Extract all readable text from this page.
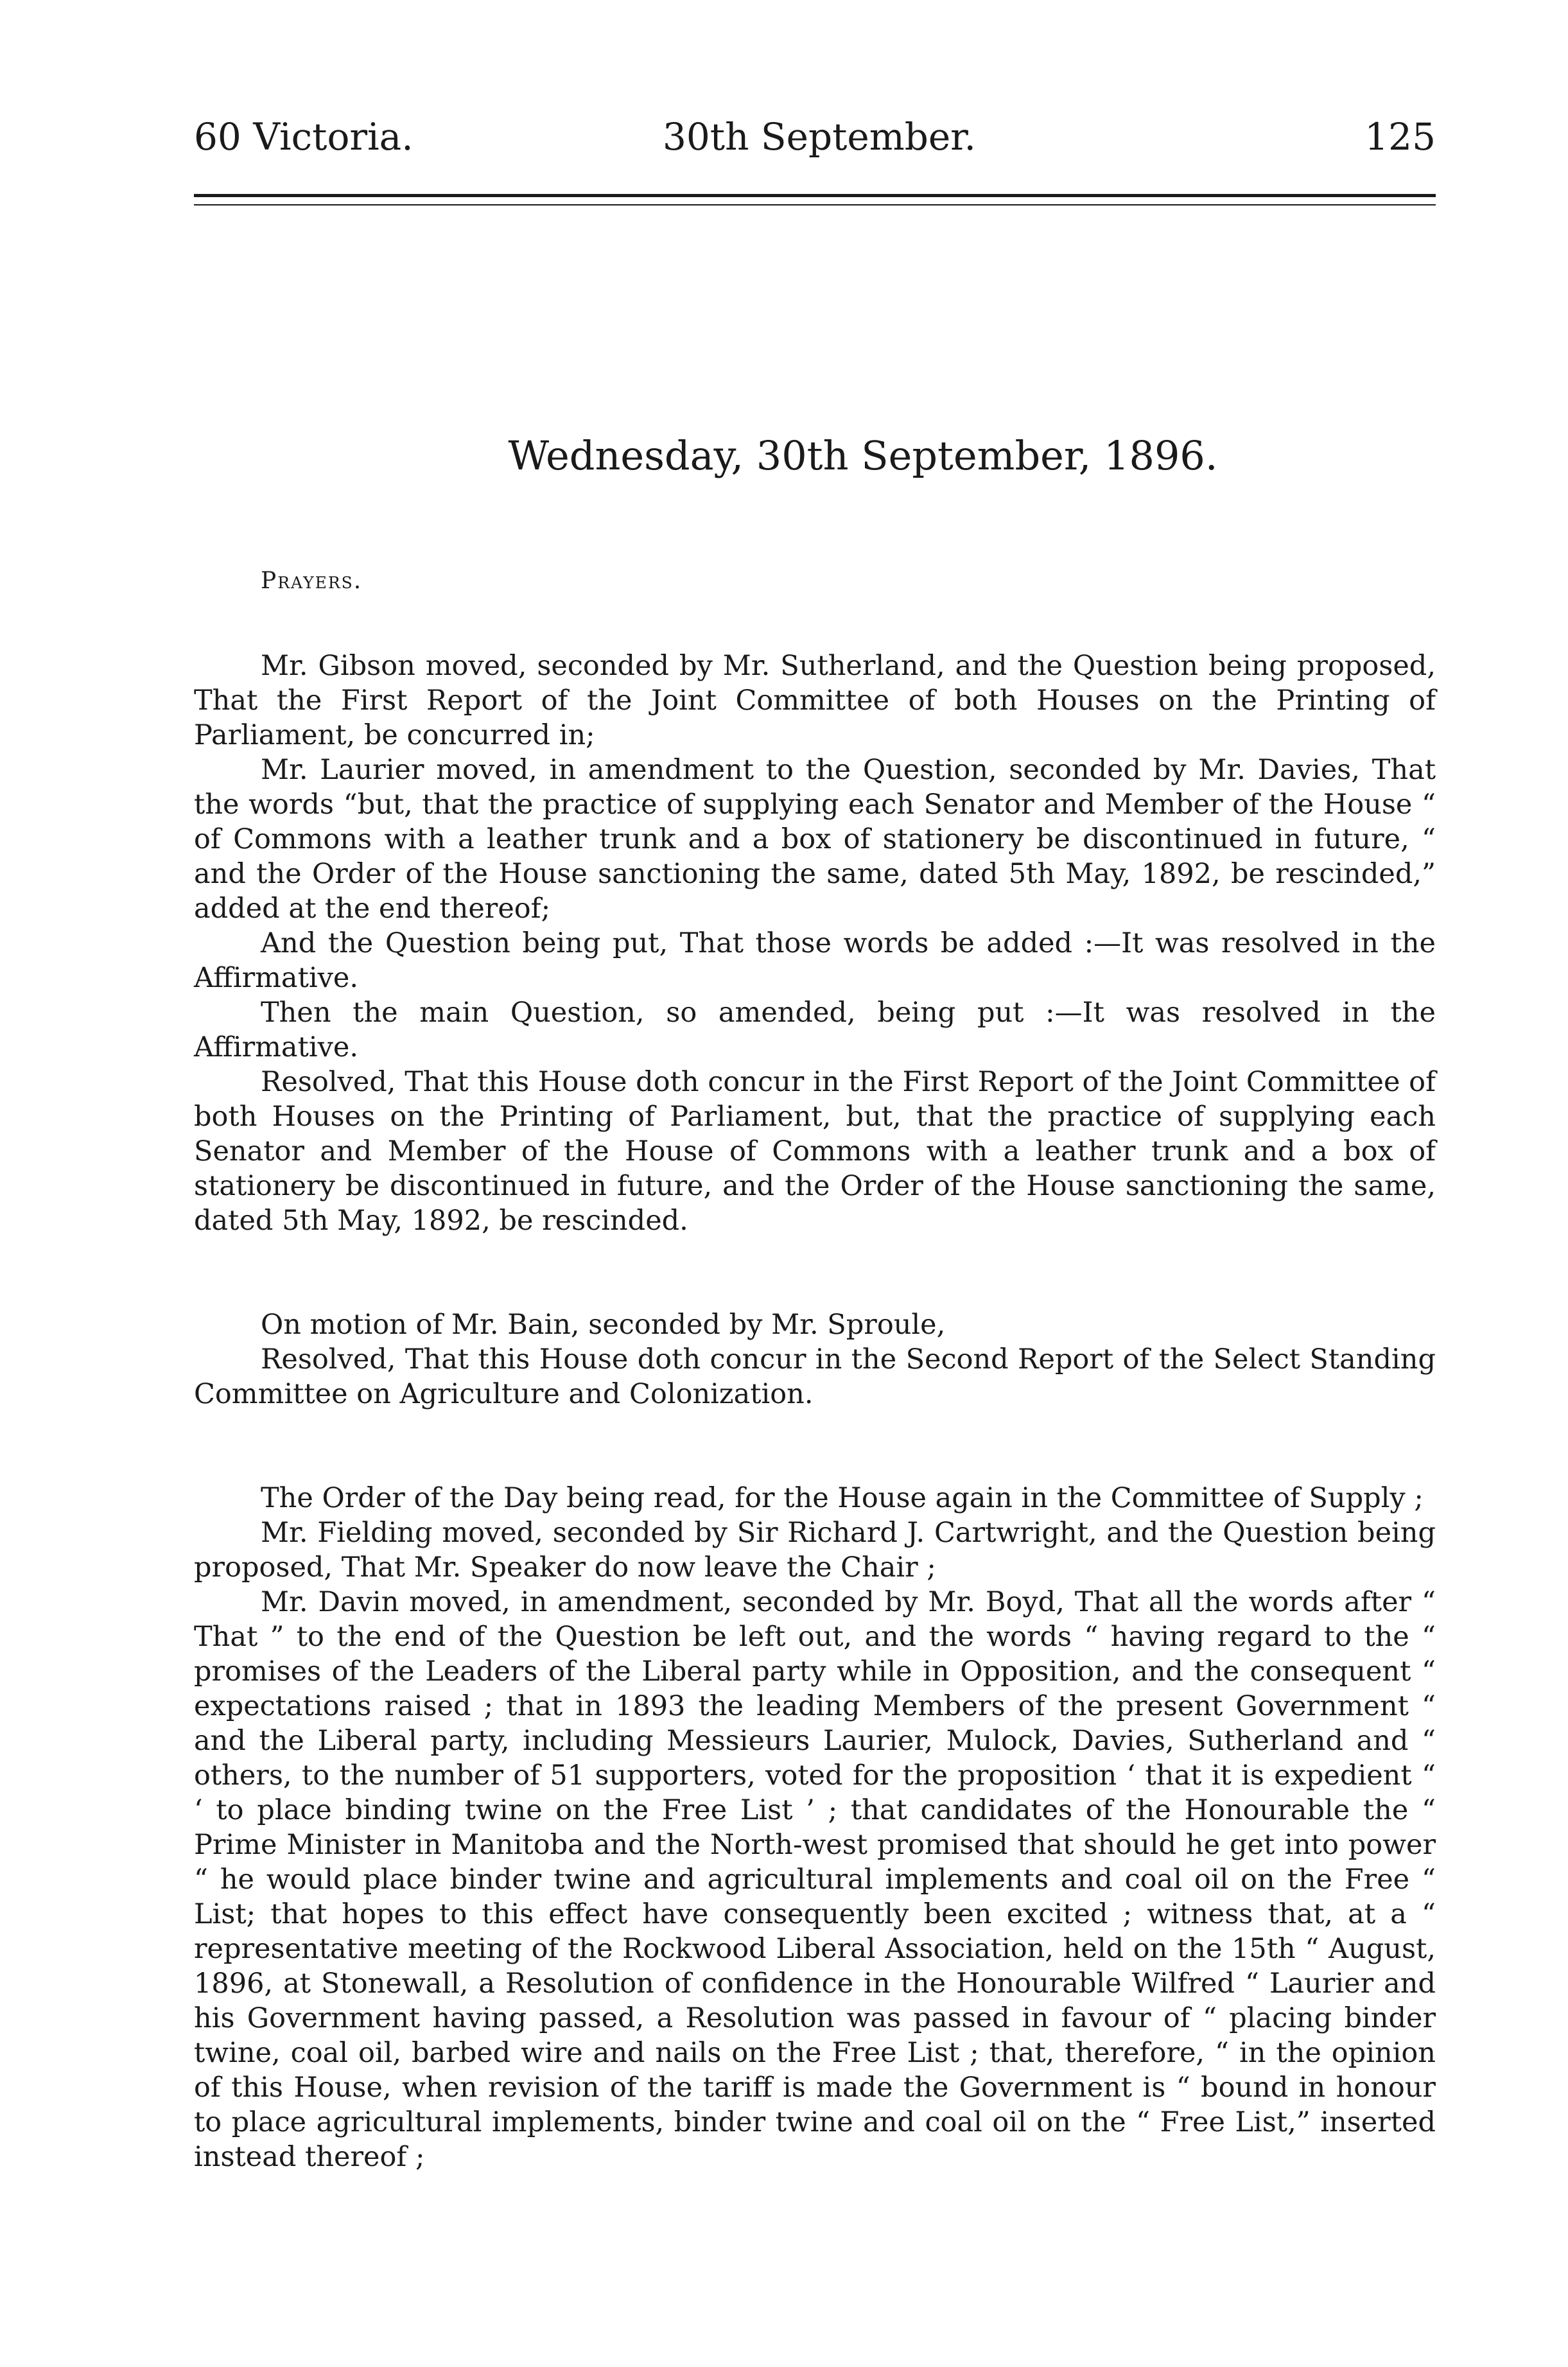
60 Victoria.	30th September.	125
Wednesday, 30th September, 1896.
Prayers.

Mr. Gibson moved, seconded by Mr. Sutherland, and the Question being proposed, That the First Report of the Joint Committee of both Houses on the Printing of Parliament, be concurred in;

Mr. Laurier moved, in amendment to the Question, seconded by Mr. Davies, That the words “but, that the practice of supplying each Senator and Member of the House “ of Commons with a leather trunk and a box of stationery be discontinued in future, “ and the Order of the House sanctioning the same, dated 5th May, 1892, be rescinded,” added at the end thereof;

And the Question being put, That those words be added :—It was resolved in the Affirmative.

Then the main Question, so amended, being put :—It was resolved in the Affirmative.

Resolved, That this House doth concur in the First Report of the Joint Committee of both Houses on the Printing of Parliament, but, that the practice of supplying each Senator and Member of the House of Commons with a leather trunk and a box of stationery be discontinued in future, and the Order of the House sanctioning the same, dated 5th May, 1892, be rescinded.

On motion of Mr. Bain, seconded by Mr. Sproule,

Resolved, That this House doth concur in the Second Report of the Select Standing Committee on Agriculture and Colonization.

The Order of the Day being read, for the House again in the Committee of Supply ;

Mr. Fielding moved, seconded by Sir Richard J. Cartwright, and the Question being proposed, That Mr. Speaker do now leave the Chair ;

Mr. Davin moved, in amendment, seconded by Mr. Boyd, That all the words after “ That ” to the end of the Question be left out, and the words “ having regard to the “ promises of the Leaders of the Liberal party while in Opposition, and the consequent “ expectations raised ; that in 1893 the leading Members of the present Government “ and the Liberal party, including Messieurs Laurier, Mulock, Davies, Sutherland and “ others, to the number of 51 supporters, voted for the proposition ‘ that it is expedient “ ‘ to place binding twine on the Free List ’ ; that candidates of the Honourable the “ Prime Minister in Manitoba and the North-west promised that should he get into power “ he would place binder twine and agricultural implements and coal oil on the Free “ List; that hopes to this effect have consequently been excited ; witness that, at a “ representative meeting of the Rockwood Liberal Association, held on the 15th “ August, 1896, at Stonewall, a Resolution of confidence in the Honourable Wilfred “ Laurier and his Government having passed, a Resolution was passed in favour of “ placing binder twine, coal oil, barbed wire and nails on the Free List ; that, therefore, “ in the opinion of this House, when revision of the tariff is made the Government is “ bound in honour to place agricultural implements, binder twine and coal oil on the “ Free List,” inserted instead thereof ;
